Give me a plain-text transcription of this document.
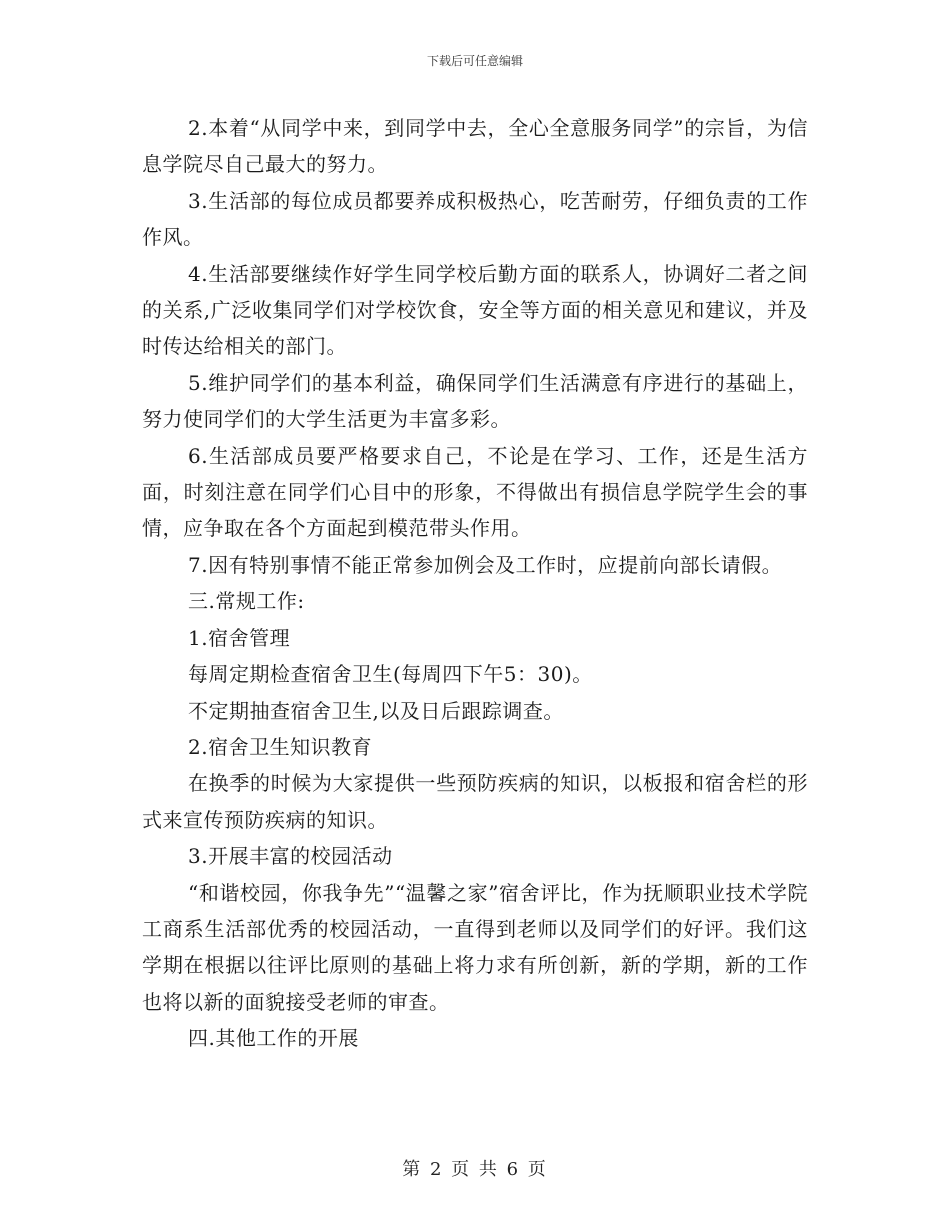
下载后可任意编辑

2.本着“从同学中来，到同学中去，全心全意服务同学”的宗旨，为信息学院尽自己最大的努力。

3.生活部的每位成员都要养成积极热心，吃苦耐劳，仔细负责的工作作风。

4.生活部要继续作好学生同学校后勤方面的联系人，协调好二者之间的关系,广泛收集同学们对学校饮食，安全等方面的相关意见和建议，并及时传达给相关的部门。

5.维护同学们的基本利益，确保同学们生活满意有序进行的基础上，努力使同学们的大学生活更为丰富多彩。

6.生活部成员要严格要求自己，不论是在学习、工作，还是生活方面，时刻注意在同学们心目中的形象，不得做出有损信息学院学生会的事情，应争取在各个方面起到模范带头作用。

7.因有特别事情不能正常参加例会及工作时，应提前向部长请假。

三.常规工作:

1.宿舍管理

每周定期检查宿舍卫生(每周四下午5：30)。

不定期抽查宿舍卫生,以及日后跟踪调查。

2.宿舍卫生知识教育

在换季的时候为大家提供一些预防疾病的知识，以板报和宿舍栏的形式来宣传预防疾病的知识。

3.开展丰富的校园活动

“和谐校园，你我争先”“温馨之家”宿舍评比，作为抚顺职业技术学院工商系生活部优秀的校园活动，一直得到老师以及同学们的好评。我们这学期在根据以往评比原则的基础上将力求有所创新，新的学期，新的工作也将以新的面貌接受老师的审查。

四.其他工作的开展

第 2 页 共 6 页
